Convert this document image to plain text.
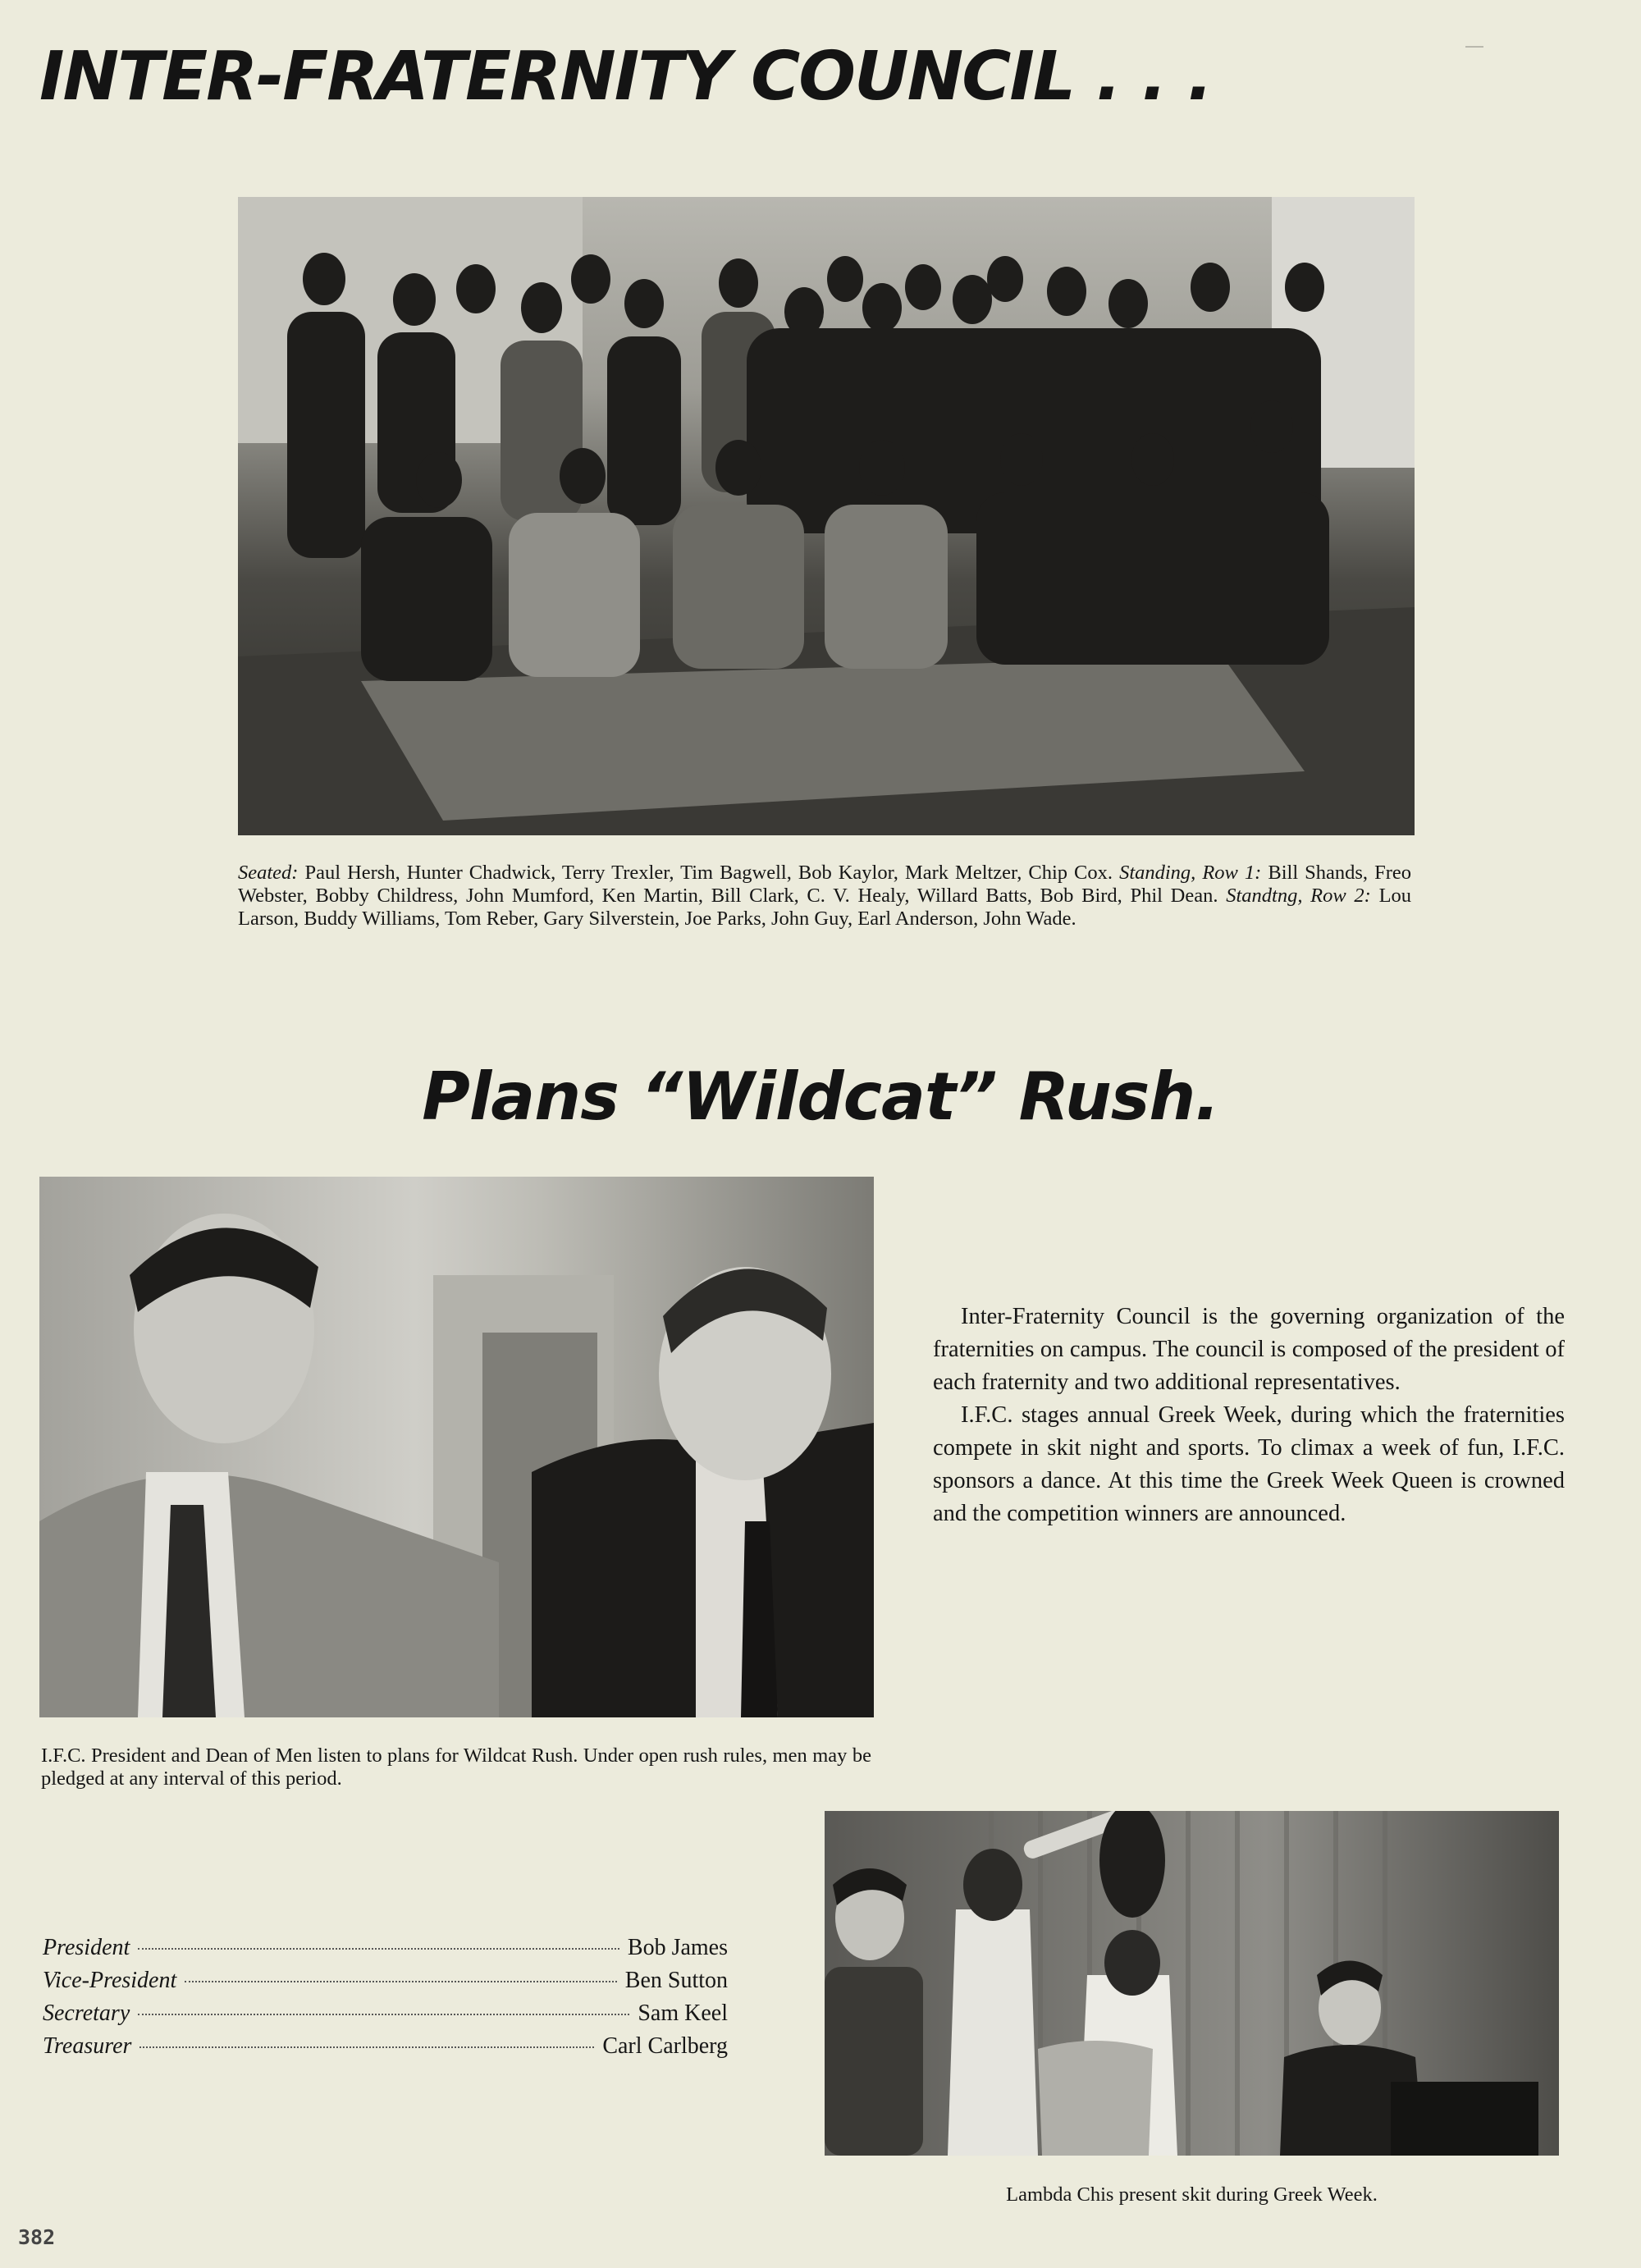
INTER-FRATERNITY COUNCIL . . .
Seated: Paul Hersh, Hunter Chadwick, Terry Trexler, Tim Bagwell, Bob Kaylor, Mark Meltzer, Chip Cox. Standing, Row 1: Bill Shands, Freo Webster, Bobby Childress, John Mumford, Ken Martin, Bill Clark, C. V. Healy, Willard Batts, Bob Bird, Phil Dean. Standtng, Row 2: Lou Larson, Buddy Williams, Tom Reber, Gary Silverstein, Joe Parks, John Guy, Earl Anderson, John Wade.
Plans “Wildcat” Rush.
I.F.C. President and Dean of Men listen to plans for Wildcat Rush. Under open rush rules, men may be pledged at any interval of this period.

Inter-Fraternity Council is the governing organization of the fraternities on campus. The council is composed of the president of each fraternity and two additional representatives.

I.F.C. stages annual Greek Week, during which the fraternities compete in skit night and sports. To climax a week of fun, I.F.C. sponsors a dance. At this time the Greek Week Queen is crowned and the competition winners are announced.

President	Bob James
Vice-President	Ben Sutton
Secretary	Sam Keel
Treasurer	Carl Carlberg
Lambda Chis present skit during Greek Week.
382
